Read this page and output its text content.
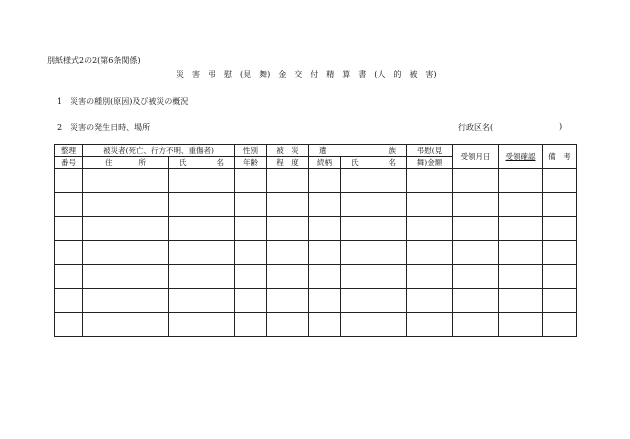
別紙様式2の2(第6条関係)
災　害　弔　慰　(見　舞)　金　交　付　精　算　書　(人　的　被　害)
1　災害の種別(原因)及び被災の概況
2　災害の発生日時、場所	行政区名(	)
整理	被災者(死亡、行方不明、重傷者)		性別	被　災	遺 族		弔慰(見	受領月日	受領確認	備　考
番号	住 所	氏 名	年齢	程　度	続柄	氏 名	舞)金額			
